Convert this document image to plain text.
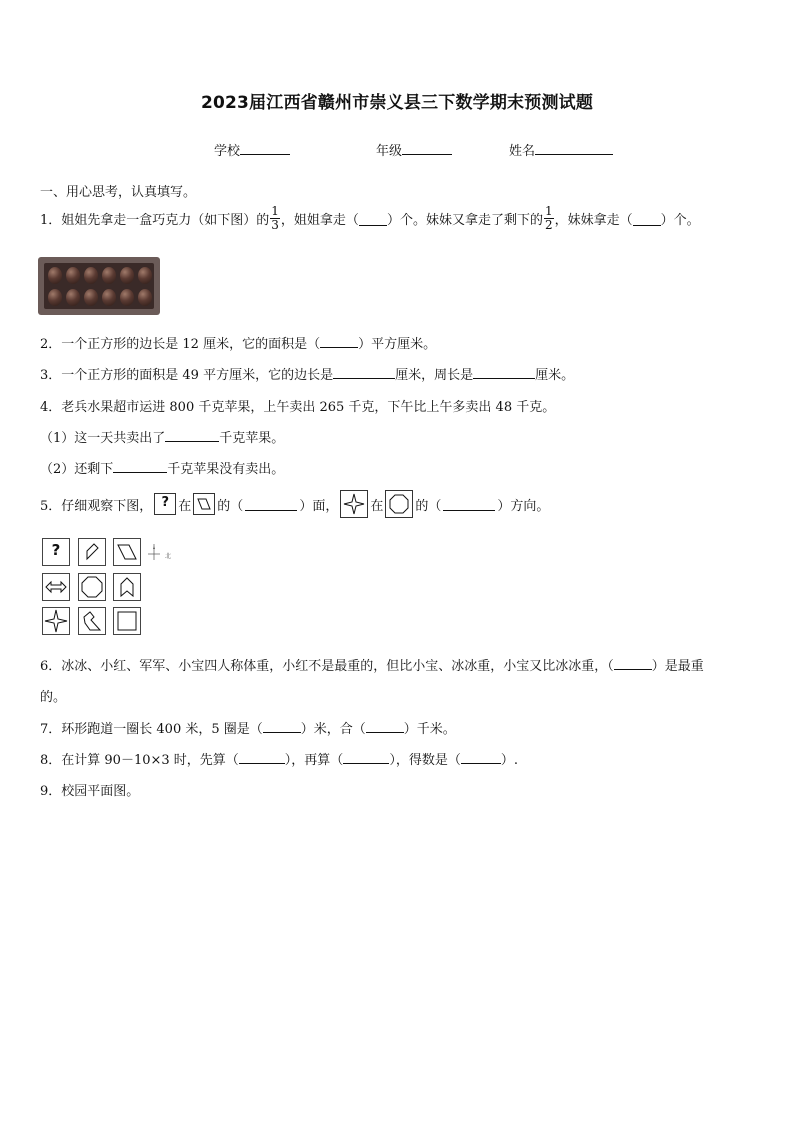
2023届江西省赣州市崇义县三下数学期末预测试题
学校	年级	姓名
一、用心思考，认真填写。
1．姐姐先拿走一盒巧克力（如下图）的 $\frac{1}{3}$ ，姐姐拿走（ ）个。妹妹又拿走了剩下的 $\frac{1}{2}$ ，妹妹拿走（ ）个。
2．一个正方形的边长是 12 厘米，它的面积是（	）平方厘米。
3．一个正方形的面积是 49 平方厘米，它的边长是	厘米，周长是	厘米。
4．老兵水果超市运进 800 千克苹果，上午卖出 265 千克，下午比上午多卖出 48 千克。
（1）这一天共卖出了	千克苹果。
（2）还剩下	千克苹果没有卖出。
5．仔细观察下图， ? 在 的（	）面， 在 的（	）方向。
?	北
6．冰冰、小红、军军、小宝四人称体重，小红不是最重的，但比小宝、冰冰重，小宝又比冰冰重，（	）是最重
的。
7．环形跑道一圈长 400 米，5 圈是（	）米，合（	）千米。
8．在计算 90－10×3 时，先算（	），再算（	），得数是（	）.
9．校园平面图。
